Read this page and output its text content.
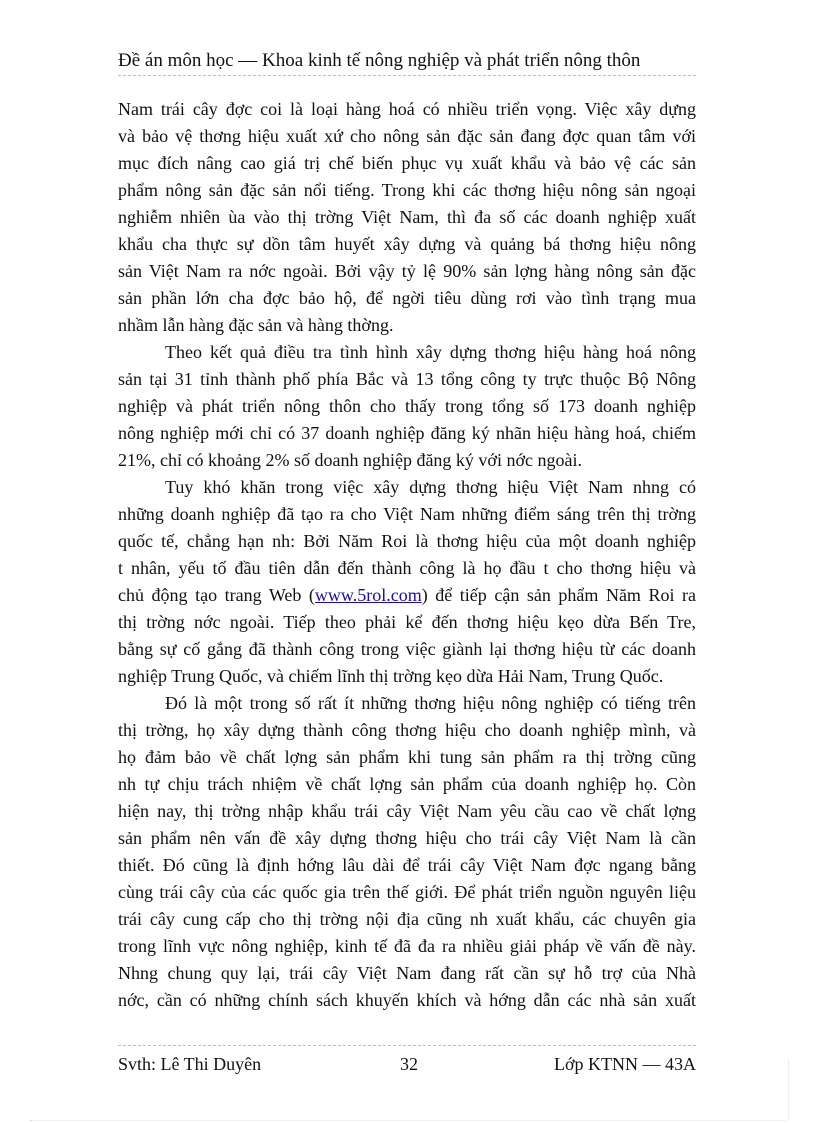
Đề án môn học — Khoa kinh tế nông nghiệp và phát triển nông thôn
Nam trái cây đợc coi là loại hàng hoá có nhiều triển vọng. Việc xây dựng
và bảo vệ thơng hiệu xuất xứ cho nông sản đặc sản đang đợc quan tâm với
mục đích nâng cao giá trị chế biến phục vụ xuất khẩu và bảo vệ các sản
phẩm nông sản đặc sản nổi tiếng. Trong khi các thơng hiệu nông sản ngoại
nghiễm nhiên ùa vào thị trờng Việt Nam, thì đa số các doanh nghiệp xuất
khẩu cha thực sự dồn tâm huyết xây dựng và quảng bá thơng hiệu nông
sản Việt Nam ra nớc ngoài. Bởi vậy tỷ lệ 90% sản lợng hàng nông sản đặc
sản phần lớn cha đợc bảo hộ, để ngời tiêu dùng rơi vào tình trạng mua
nhầm lẫn hàng đặc sản và hàng thờng.
Theo kết quả điều tra tình hình xây dựng thơng hiệu hàng hoá nông
sản tại 31 tỉnh thành phố phía Bắc và 13 tổng công ty trực thuộc Bộ Nông
nghiệp và phát triển nông thôn cho thấy trong tổng số 173 doanh nghiệp
nông nghiệp mới chỉ có 37 doanh nghiệp đăng ký nhãn hiệu hàng hoá, chiếm
21%, chỉ có khoảng 2% số doanh nghiệp đăng ký với nớc ngoài.
Tuy khó khăn trong việc xây dựng thơng hiệu Việt Nam nhng có
những doanh nghiệp đã tạo ra cho Việt Nam những điểm sáng trên thị trờng
quốc tế, chẳng hạn nh: Bởi Năm Roi là thơng hiệu của một doanh nghiệp
t nhân, yếu tố đầu tiên dẫn đến thành công là họ đầu t cho thơng hiệu và
chủ động tạo trang Web (www.5rol.com) để tiếp cận sản phẩm Năm Roi ra
thị trờng nớc ngoài. Tiếp theo phải kể đến thơng hiệu kẹo dừa Bến Tre,
bằng sự cố gắng đã thành công trong việc giành lại thơng hiệu từ các doanh
nghiệp Trung Quốc, và chiếm lĩnh thị trờng kẹo dừa Hải Nam, Trung Quốc.
Đó là một trong số rất ít những thơng hiệu nông nghiệp có tiếng trên
thị trờng, họ xây dựng thành công thơng hiệu cho doanh nghiệp mình, và
họ đảm bảo về chất lợng sản phẩm khi tung sản phẩm ra thị trờng cũng
nh tự chịu trách nhiệm về chất lợng sản phẩm của doanh nghiệp họ. Còn
hiện nay, thị trờng nhập khẩu trái cây Việt Nam yêu cầu cao về chất lợng
sản phẩm nên vấn đề xây dựng thơng hiệu cho trái cây Việt Nam là cần
thiết. Đó cũng là định hớng lâu dài để trái cây Việt Nam đợc ngang bằng
cùng trái cây của các quốc gia trên thế giới. Để phát triển nguồn nguyên liệu
trái cây cung cấp cho thị trờng nội địa cũng nh xuất khẩu, các chuyên gia
trong lĩnh vực nông nghiệp, kinh tế đã đa ra nhiều giải pháp về vấn đề này.
Nhng chung quy lại, trái cây Việt Nam đang rất cần sự hỗ trợ của Nhà
nớc, cần có những chính sách khuyến khích và hớng dẫn các nhà sản xuất
Svth: Lê Thi Duyên	32	Lớp KTNN — 43A
